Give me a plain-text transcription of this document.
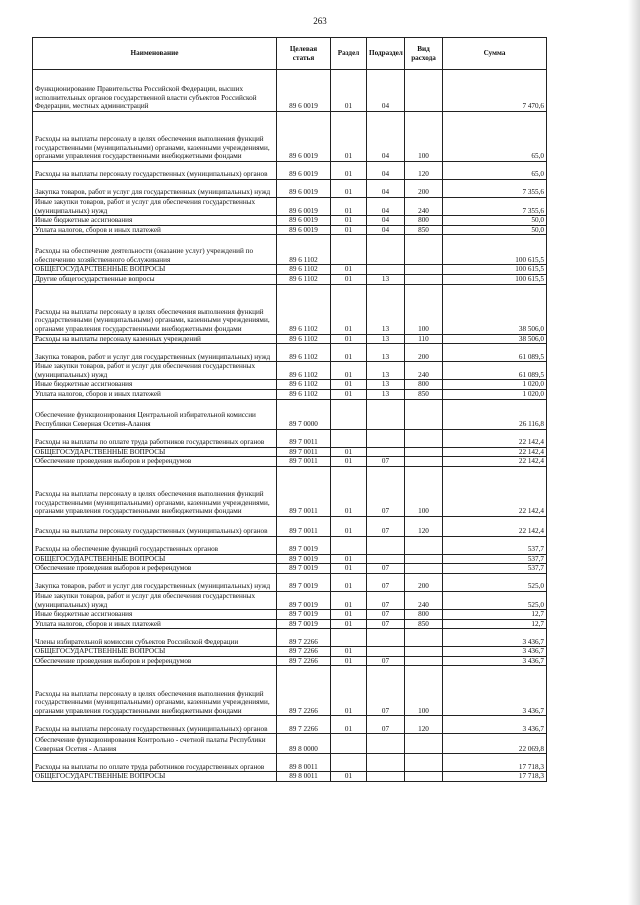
263
Наименование	Целевая статья	Раздел	Подраздел	Вид расхода	Сумма
Функционирование Правительства Российской Федерации, высших исполнительных органов государственной власти субъектов Российской Федерации, местных администраций	89 6 0019	01	04		7 470,6
Расходы на выплаты персоналу в целях обеспечения выполнения функций государственными (муниципальными) органами, казенными учреждениями, органами управления государственными внебюджетными фондами	89 6 0019	01	04	100	65,0
Расходы на выплаты персоналу государственных (муниципальных) органов	89 6 0019	01	04	120	65,0
Закупка товаров, работ и услуг для государственных (муниципальных) нужд	89 6 0019	01	04	200	7 355,6
Иные закупки товаров, работ и услуг для обеспечения государственных (муниципальных) нужд	89 6 0019	01	04	240	7 355,6
Иные бюджетные ассигнования	89 6 0019	01	04	800	50,0
Уплата налогов, сборов и иных платежей	89 6 0019	01	04	850	50,0
Расходы на обеспечение деятельности (оказание услуг) учреждений по обеспечению хозяйственного обслуживания	89 6 1102				100 615,5
ОБЩЕГОСУДАРСТВЕННЫЕ ВОПРОСЫ	89 6 1102	01			100 615,5
Другие общегосударственные вопросы	89 6 1102	01	13		100 615,5
Расходы на выплаты персоналу в целях обеспечения выполнения функций государственными (муниципальными) органами, казенными учреждениями, органами управления государственными внебюджетными фондами	89 6 1102	01	13	100	38 506,0
Расходы на выплаты персоналу казенных учреждений	89 6 1102	01	13	110	38 506,0
Закупка товаров, работ и услуг для государственных (муниципальных) нужд	89 6 1102	01	13	200	61 089,5
Иные закупки товаров, работ и услуг для обеспечения государственных (муниципальных) нужд	89 6 1102	01	13	240	61 089,5
Иные бюджетные ассигнования	89 6 1102	01	13	800	1 020,0
Уплата налогов, сборов и иных платежей	89 6 1102	01	13	850	1 020,0
Обеспечение функционирования Центральной избирательной комиссии Республики Северная Осетия-Алания	89 7 0000				26 116,8
Расходы на выплаты по оплате труда работников государственных органов	89 7 0011				22 142,4
ОБЩЕГОСУДАРСТВЕННЫЕ ВОПРОСЫ	89 7 0011	01			22 142,4
Обеспечение проведения выборов и референдумов	89 7 0011	01	07		22 142,4
Расходы на выплаты персоналу в целях обеспечения выполнения функций государственными (муниципальными) органами, казенными учреждениями, органами управления государственными внебюджетными фондами	89 7 0011	01	07	100	22 142,4
Расходы на выплаты персоналу государственных (муниципальных) органов	89 7 0011	01	07	120	22 142,4
Расходы на обеспечение функций государственных органов	89 7 0019				537,7
ОБЩЕГОСУДАРСТВЕННЫЕ ВОПРОСЫ	89 7 0019	01			537,7
Обеспечение проведения выборов и референдумов	89 7 0019	01	07		537,7
Закупка товаров, работ и услуг для государственных (муниципальных) нужд	89 7 0019	01	07	200	525,0
Иные закупки товаров, работ и услуг для обеспечения государственных (муниципальных) нужд	89 7 0019	01	07	240	525,0
Иные бюджетные ассигнования	89 7 0019	01	07	800	12,7
Уплата налогов, сборов и иных платежей	89 7 0019	01	07	850	12,7
Члены избирательной комиссии субъектов Российской Федерации	89 7 2266				3 436,7
ОБЩЕГОСУДАРСТВЕННЫЕ ВОПРОСЫ	89 7 2266	01			3 436,7
Обеспечение проведения выборов и референдумов	89 7 2266	01	07		3 436,7
Расходы на выплаты персоналу в целях обеспечения выполнения функций государственными (муниципальными) органами, казенными учреждениями, органами управления государственными внебюджетными фондами	89 7 2266	01	07	100	3 436,7
Расходы на выплаты персоналу государственных (муниципальных) органов	89 7 2266	01	07	120	3 436,7
Обеспечение функционирования Контрольно - счетной палаты Республики Северная Осетия - Алания	89 8 0000				22 069,8
Расходы на выплаты по оплате труда работников государственных органов	89 8 0011				17 718,3
ОБЩЕГОСУДАРСТВЕННЫЕ ВОПРОСЫ	89 8 0011	01			17 718,3
